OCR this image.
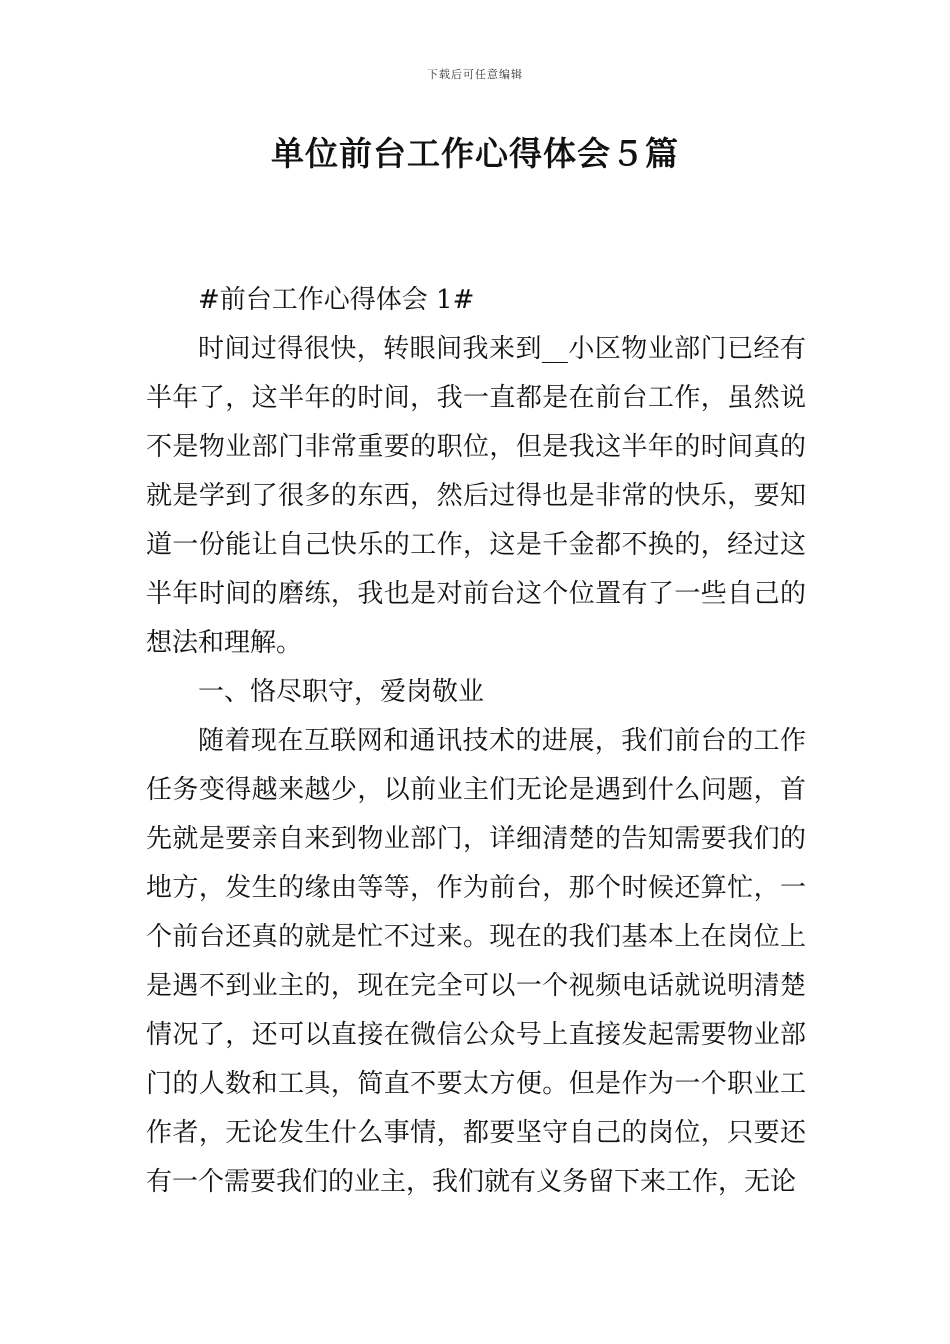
下载后可任意编辑
单位前台工作心得体会５篇

#前台工作心得体会 1#

时间过得很快，转眼间我来到__小区物业部门已经有半年了，这半年的时间，我一直都是在前台工作，虽然说不是物业部门非常重要的职位，但是我这半年的时间真的就是学到了很多的东西，然后过得也是非常的快乐，要知道一份能让自己快乐的工作，这是千金都不换的，经过这半年时间的磨练，我也是对前台这个位置有了一些自己的想法和理解。

一、恪尽职守，爱岗敬业

随着现在互联网和通讯技术的进展，我们前台的工作任务变得越来越少，以前业主们无论是遇到什么问题，首先就是要亲自来到物业部门，详细清楚的告知需要我们的地方，发生的缘由等等，作为前台，那个时候还算忙，一个前台还真的就是忙不过来。现在的我们基本上在岗位上是遇不到业主的，现在完全可以一个视频电话就说明清楚情况了，还可以直接在微信公众号上直接发起需要物业部门的人数和工具，简直不要太方便。但是作为一个职业工作者，无论发生什么事情，都要坚守自己的岗位，只要还有一个需要我们的业主，我们就有义务留下来工作，无论
